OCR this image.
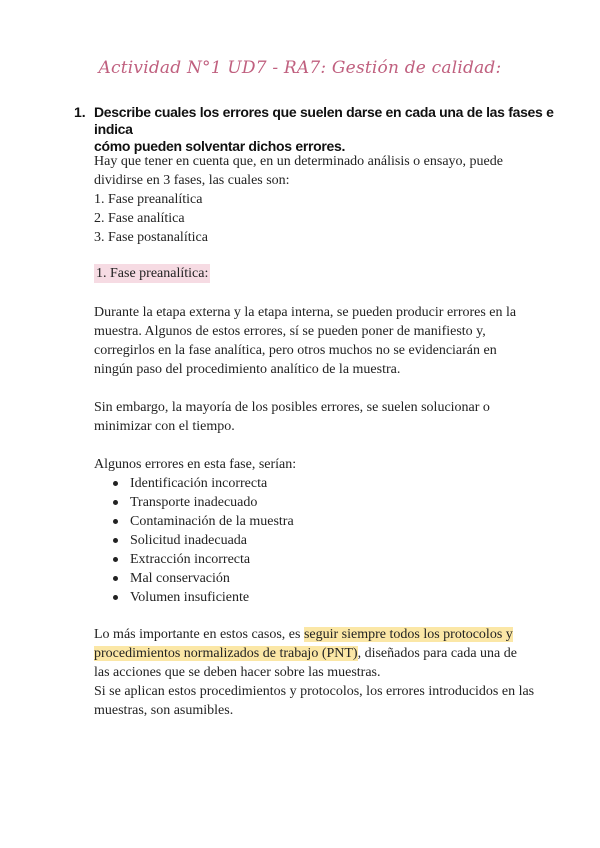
Actividad N°1 UD7 - RA7: Gestión de calidad:
1. Describe cuales los errores que suelen darse en cada una de las fases e indica
cómo pueden solventar dichos errores.

Hay que tener en cuenta que, en un determinado análisis o ensayo, puede

dividirse en 3 fases, las cuales son:

1. Fase preanalítica

2. Fase analítica

3. Fase postanalítica

1. Fase preanalítica:

Durante la etapa externa y la etapa interna, se pueden producir errores en la

muestra. Algunos de estos errores, sí se pueden poner de manifiesto y,

corregirlos en la fase analítica, pero otros muchos no se evidenciarán en

ningún paso del procedimiento analítico de la muestra.

Sin embargo, la mayoría de los posibles errores, se suelen solucionar o

minimizar con el tiempo.

Algunos errores en esta fase, serían:

Identificación incorrecta
Transporte inadecuado
Contaminación de la muestra
Solicitud inadecuada
Extracción incorrecta
Mal conservación
Volumen insuficiente

Lo más importante en estos casos, es seguir siempre todos los protocolos y

procedimientos normalizados de trabajo (PNT), diseñados para cada una de

las acciones que se deben hacer sobre las muestras.

Si se aplican estos procedimientos y protocolos, los errores introducidos en las

muestras, son asumibles.
